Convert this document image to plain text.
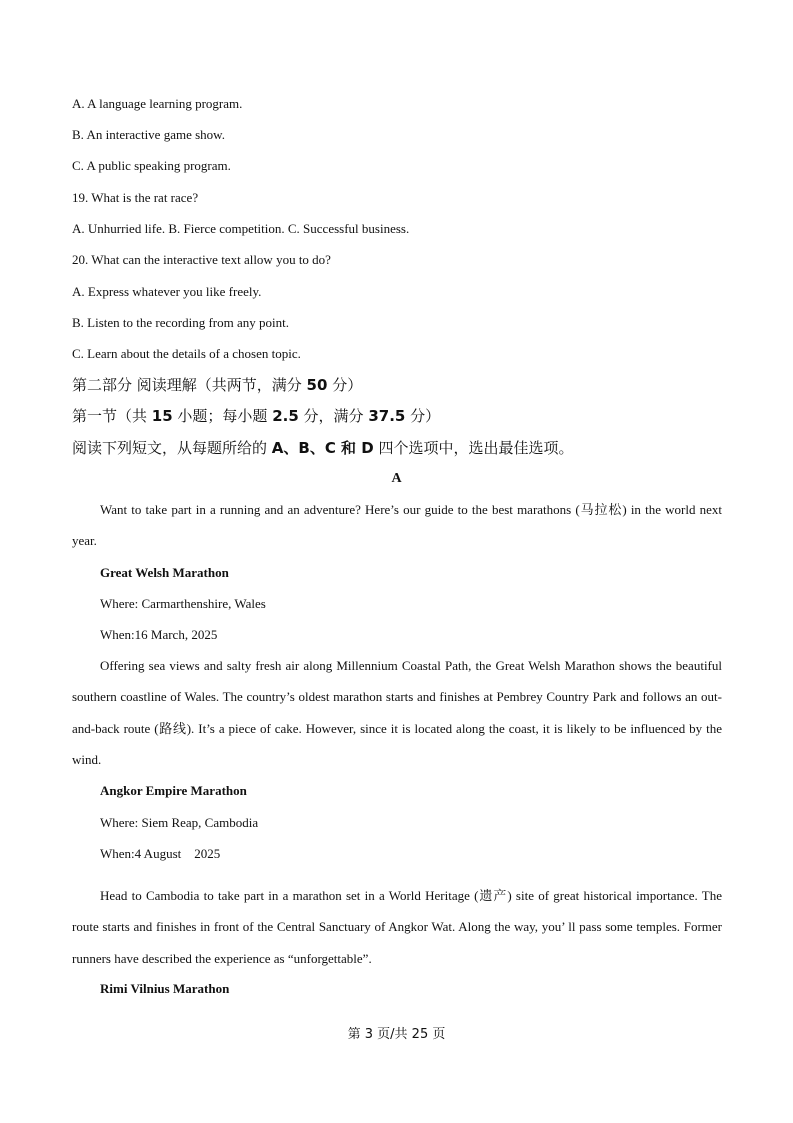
A. A language learning program.
B. An interactive game show.
C. A public speaking program.
19. What is the rat race?
A. Unhurried life. B. Fierce competition. C. Successful business.
20. What can the interactive text allow you to do?
A. Express whatever you like freely.
B. Listen to the recording from any point.
C. Learn about the details of a chosen topic.
第二部分 阅读理解（共两节，满分 50 分）
第一节（共 15 小题；每小题 2.5 分，满分 37.5 分）
阅读下列短文，从每题所给的 A、B、C 和 D 四个选项中，选出最佳选项。
A
Want to take part in a running and an adventure? Here’s our guide to the best marathons (马拉松) in the world next year.
Great Welsh Marathon
Where: Carmarthenshire, Wales
When:16 March, 2025
Offering sea views and salty fresh air along Millennium Coastal Path, the Great Welsh Marathon shows the beautiful southern coastline of Wales. The country’s oldest marathon starts and finishes at Pembrey Country Park and follows an out-and-back route (路线). It’s a piece of cake. However, since it is located along the coast, it is likely to be influenced by the wind.
Angkor Empire Marathon
Where: Siem Reap, Cambodia
When:4 August    2025
Head to Cambodia to take part in a marathon set in a World Heritage (遗产) site of great historical importance. The route starts and finishes in front of the Central Sanctuary of Angkor Wat. Along the way, you’ ll pass some temples. Former runners have described the experience as “unforgettable”.
Rimi Vilnius Marathon
第 3 页/共 25 页
